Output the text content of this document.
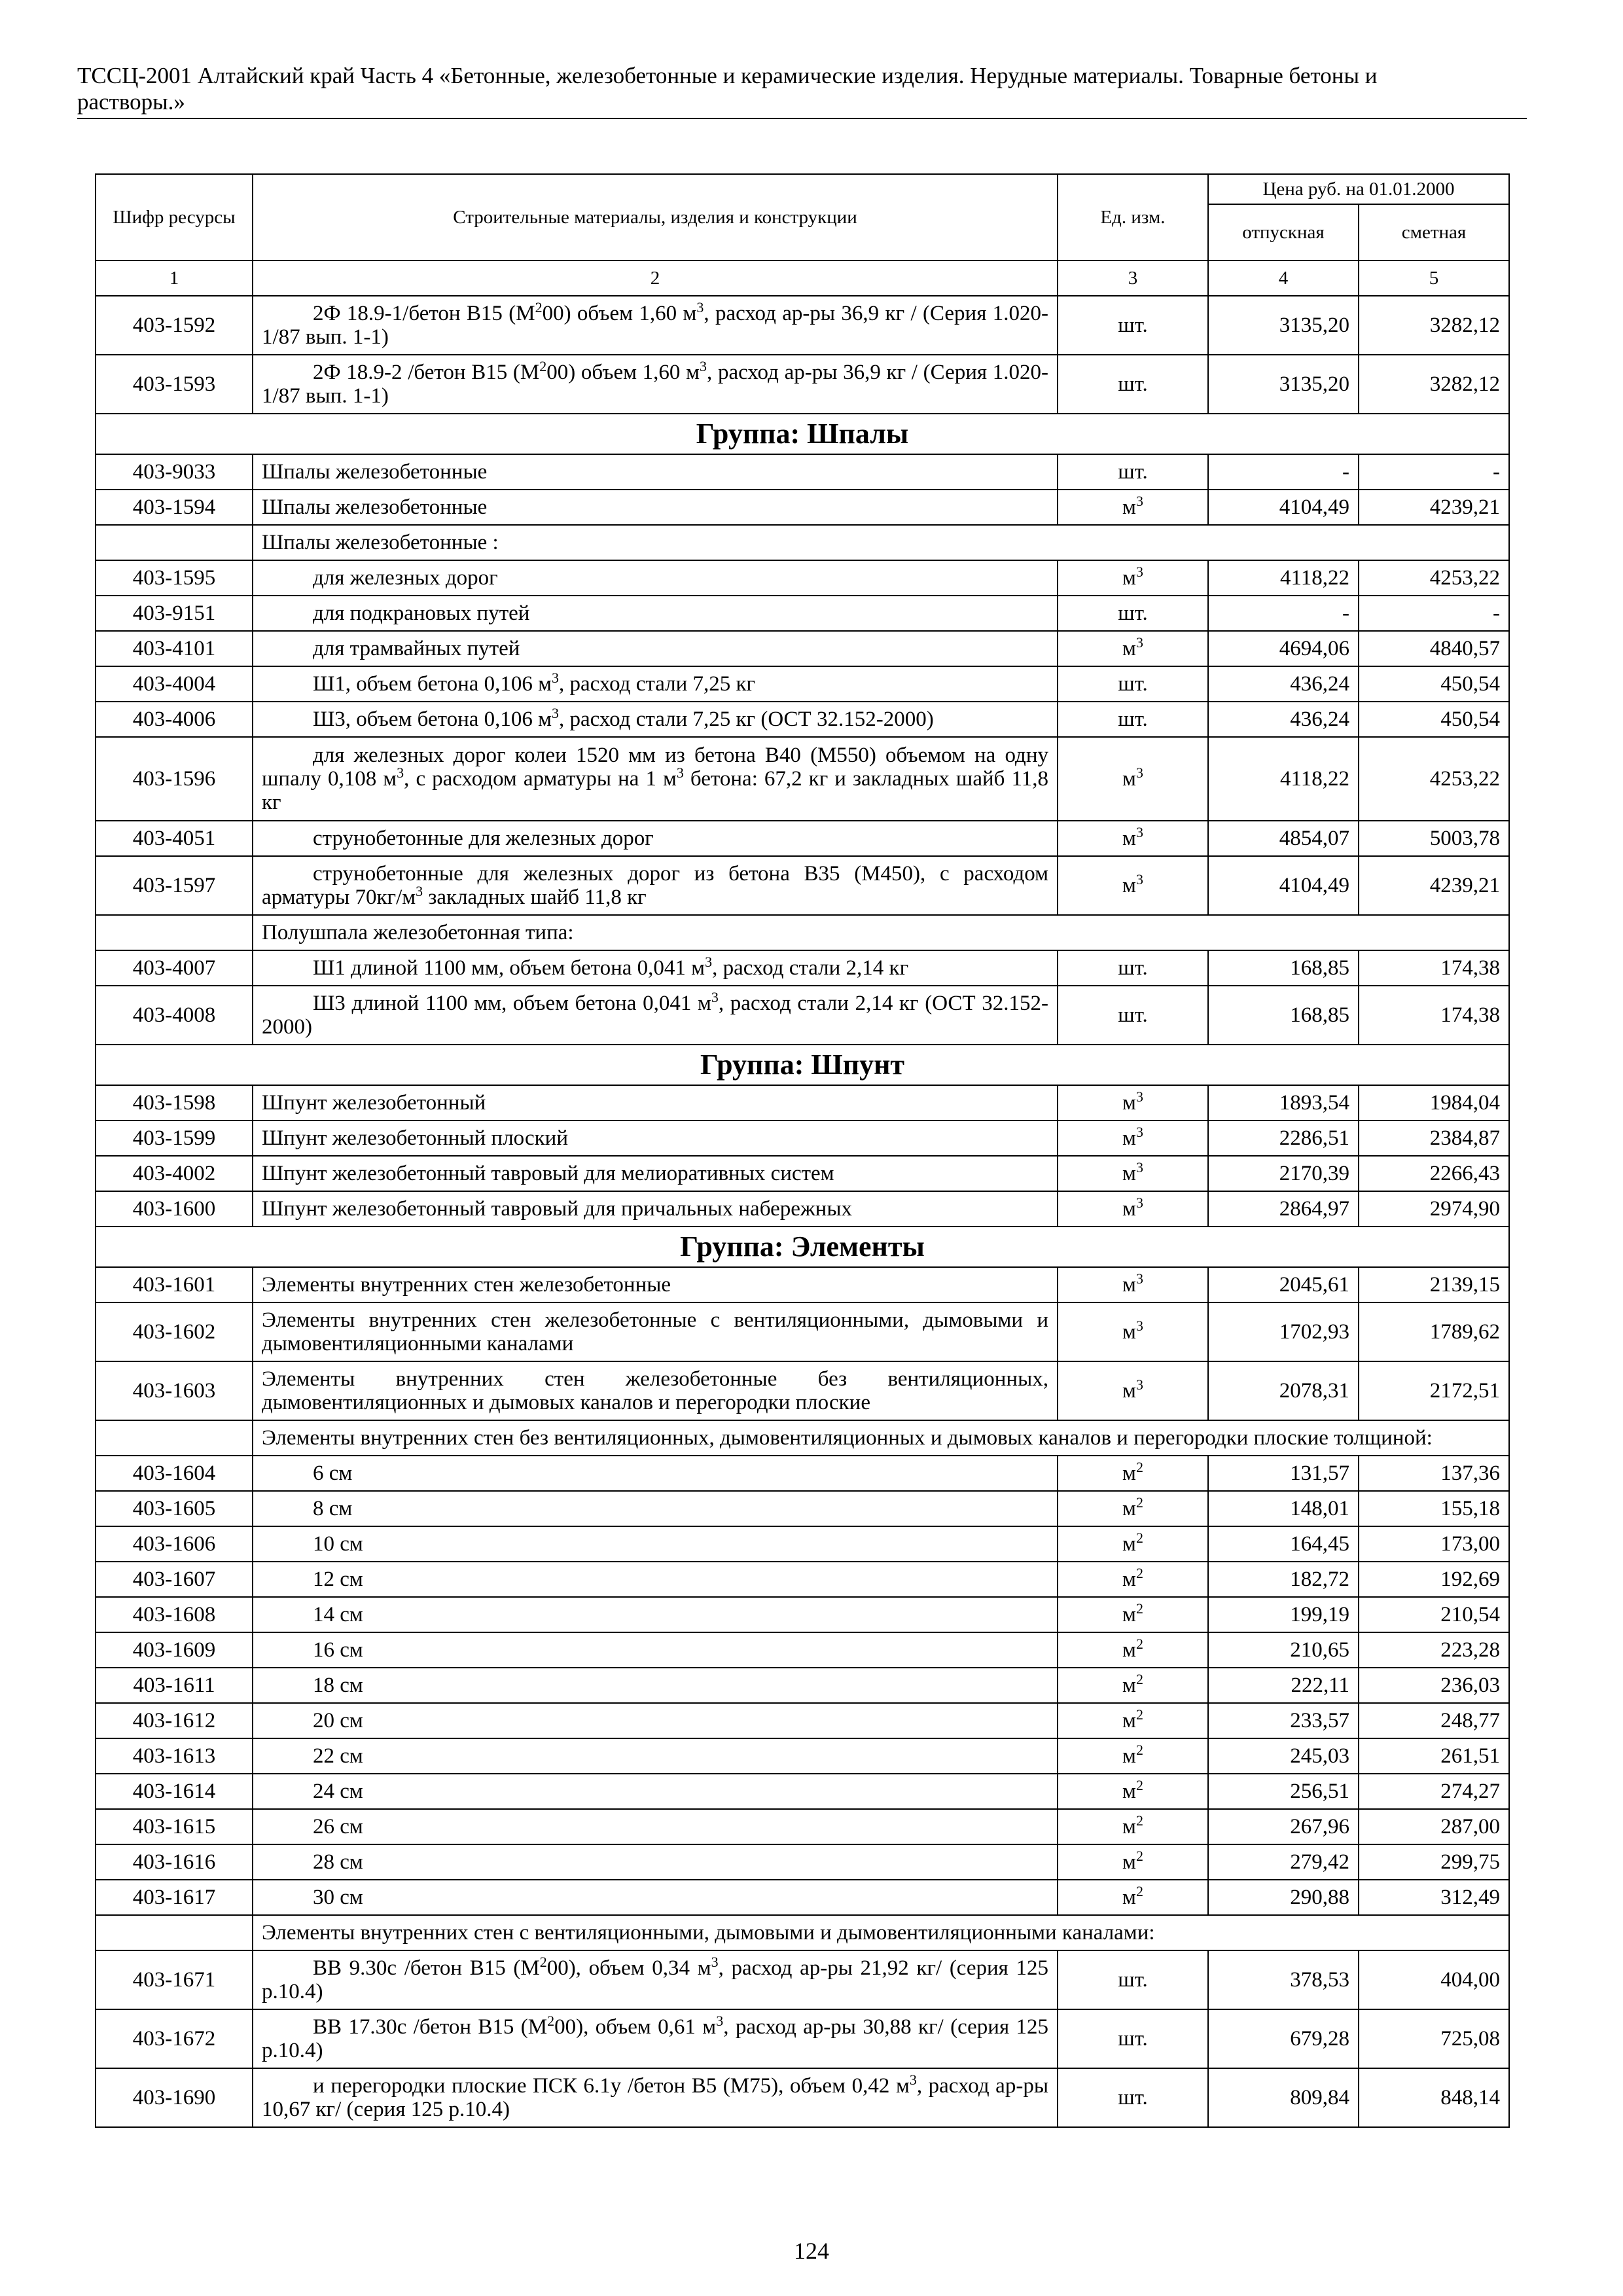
ТССЦ-2001 Алтайский край Часть 4 «Бетонные, железобетонные и керамические изделия. Нерудные материалы. Товарные бетоны и
растворы.»
Шифр ресурсы	Строительные материалы, изделия и конструкции	Ед. изм.	Цена руб. на 01.01.2000	
			отпускная	сметная
1	2	3	4	5
403-1592	2Ф 18.9-1/бетон В15 $(М^200)$ объем 1,60 $м^3$, расход ар-ры 36,9 кг / (Серия 1.020-1/87 вып. 1-1)	шт.	3135,20	3282,12
403-1593	2Ф 18.9-2 /бетон В15 $(М^200)$ объем 1,60 $м^3$, расход ар-ры 36,9 кг / (Серия 1.020-1/87 вып. 1-1)	шт.	3135,20	3282,12
Группа: Шпалы				
403-9033	Шпалы железобетонные	шт.	-	-
403-1594	Шпалы железобетонные	$м^3$	4104,49	4239,21
	Шпалы железобетонные :			
403-1595	для железных дорог	$м^3$	4118,22	4253,22
403-9151	для подкрановых путей	шт.	-	-
403-4101	для трамвайных путей	$м^3$	4694,06	4840,57
403-4004	Ш1, объем бетона 0,106 $м^3$, расход стали 7,25 кг	шт.	436,24	450,54
403-4006	Ш3, объем бетона 0,106 $м^3$, расход стали 7,25 кг (ОСТ 32.152-2000)	шт.	436,24	450,54
403-1596	для железных дорог колеи 1520 мм из бетона В40 (М550) объемом на одну шпалу 0,108 $м^3$, с расходом арматуры на 1 $м^3$ бетона: 67,2 кг и закладных шайб 11,8 кг	$м^3$	4118,22	4253,22
403-4051	струнобетонные для железных дорог	$м^3$	4854,07	5003,78
403-1597	струнобетонные для железных дорог из бетона В35 (М450), с расходом арматуры $70кг/м^3$ закладных шайб 11,8 кг	$м^3$	4104,49	4239,21
	Полушпала железобетонная типа:			
403-4007	Ш1 длиной 1100 мм, объем бетона 0,041 $м^3$, расход стали 2,14 кг	шт.	168,85	174,38
403-4008	Ш3 длиной 1100 мм, объем бетона 0,041 $м^3$, расход стали 2,14 кг (ОСТ 32.152-2000)	шт.	168,85	174,38
Группа: Шпунт				
403-1598	Шпунт железобетонный	$м^3$	1893,54	1984,04
403-1599	Шпунт железобетонный плоский	$м^3$	2286,51	2384,87
403-4002	Шпунт железобетонный тавровый для мелиоративных систем	$м^3$	2170,39	2266,43
403-1600	Шпунт железобетонный тавровый для причальных набережных	$м^3$	2864,97	2974,90
Группа: Элементы				
403-1601	Элементы внутренних стен железобетонные	$м^3$	2045,61	2139,15
403-1602	Элементы внутренних стен железобетонные с вентиляционными, дымовыми и дымовентиляционными каналами	$м^3$	1702,93	1789,62
403-1603	Элементы внутренних стен железобетонные без вентиляционных, дымовентиляционных и дымовых каналов и перегородки плоские	$м^3$	2078,31	2172,51
	Элементы внутренних стен без вентиляционных, дымовентиляционных и дымовых каналов и перегородки плоские толщиной:			
403-1604	6 см	$м^2$	131,57	137,36
403-1605	8 см	$м^2$	148,01	155,18
403-1606	10 см	$м^2$	164,45	173,00
403-1607	12 см	$м^2$	182,72	192,69
403-1608	14 см	$м^2$	199,19	210,54
403-1609	16 см	$м^2$	210,65	223,28
403-1611	18 см	$м^2$	222,11	236,03
403-1612	20 см	$м^2$	233,57	248,77
403-1613	22 см	$м^2$	245,03	261,51
403-1614	24 см	$м^2$	256,51	274,27
403-1615	26 см	$м^2$	267,96	287,00
403-1616	28 см	$м^2$	279,42	299,75
403-1617	30 см	$м^2$	290,88	312,49
	Элементы внутренних стен с вентиляционными, дымовыми и дымовентиляционными каналами:			
403-1671	ВВ 9.30с /бетон В15 $(М^200)$, объем 0,34 $м^3$, расход ар-ры 21,92 кг/ (серия 125 р.10.4)	шт.	378,53	404,00
403-1672	ВВ 17.30с /бетон В15 $(М^200)$, объем 0,61 $м^3$, расход ар-ры 30,88 кг/ (серия 125 р.10.4)	шт.	679,28	725,08
403-1690	и перегородки плоские ПСК 6.1у /бетон В5 (М75), объем 0,42 $м^3$, расход ар-ры 10,67 кг/ (серия 125 р.10.4)	шт.	809,84	848,14
124
